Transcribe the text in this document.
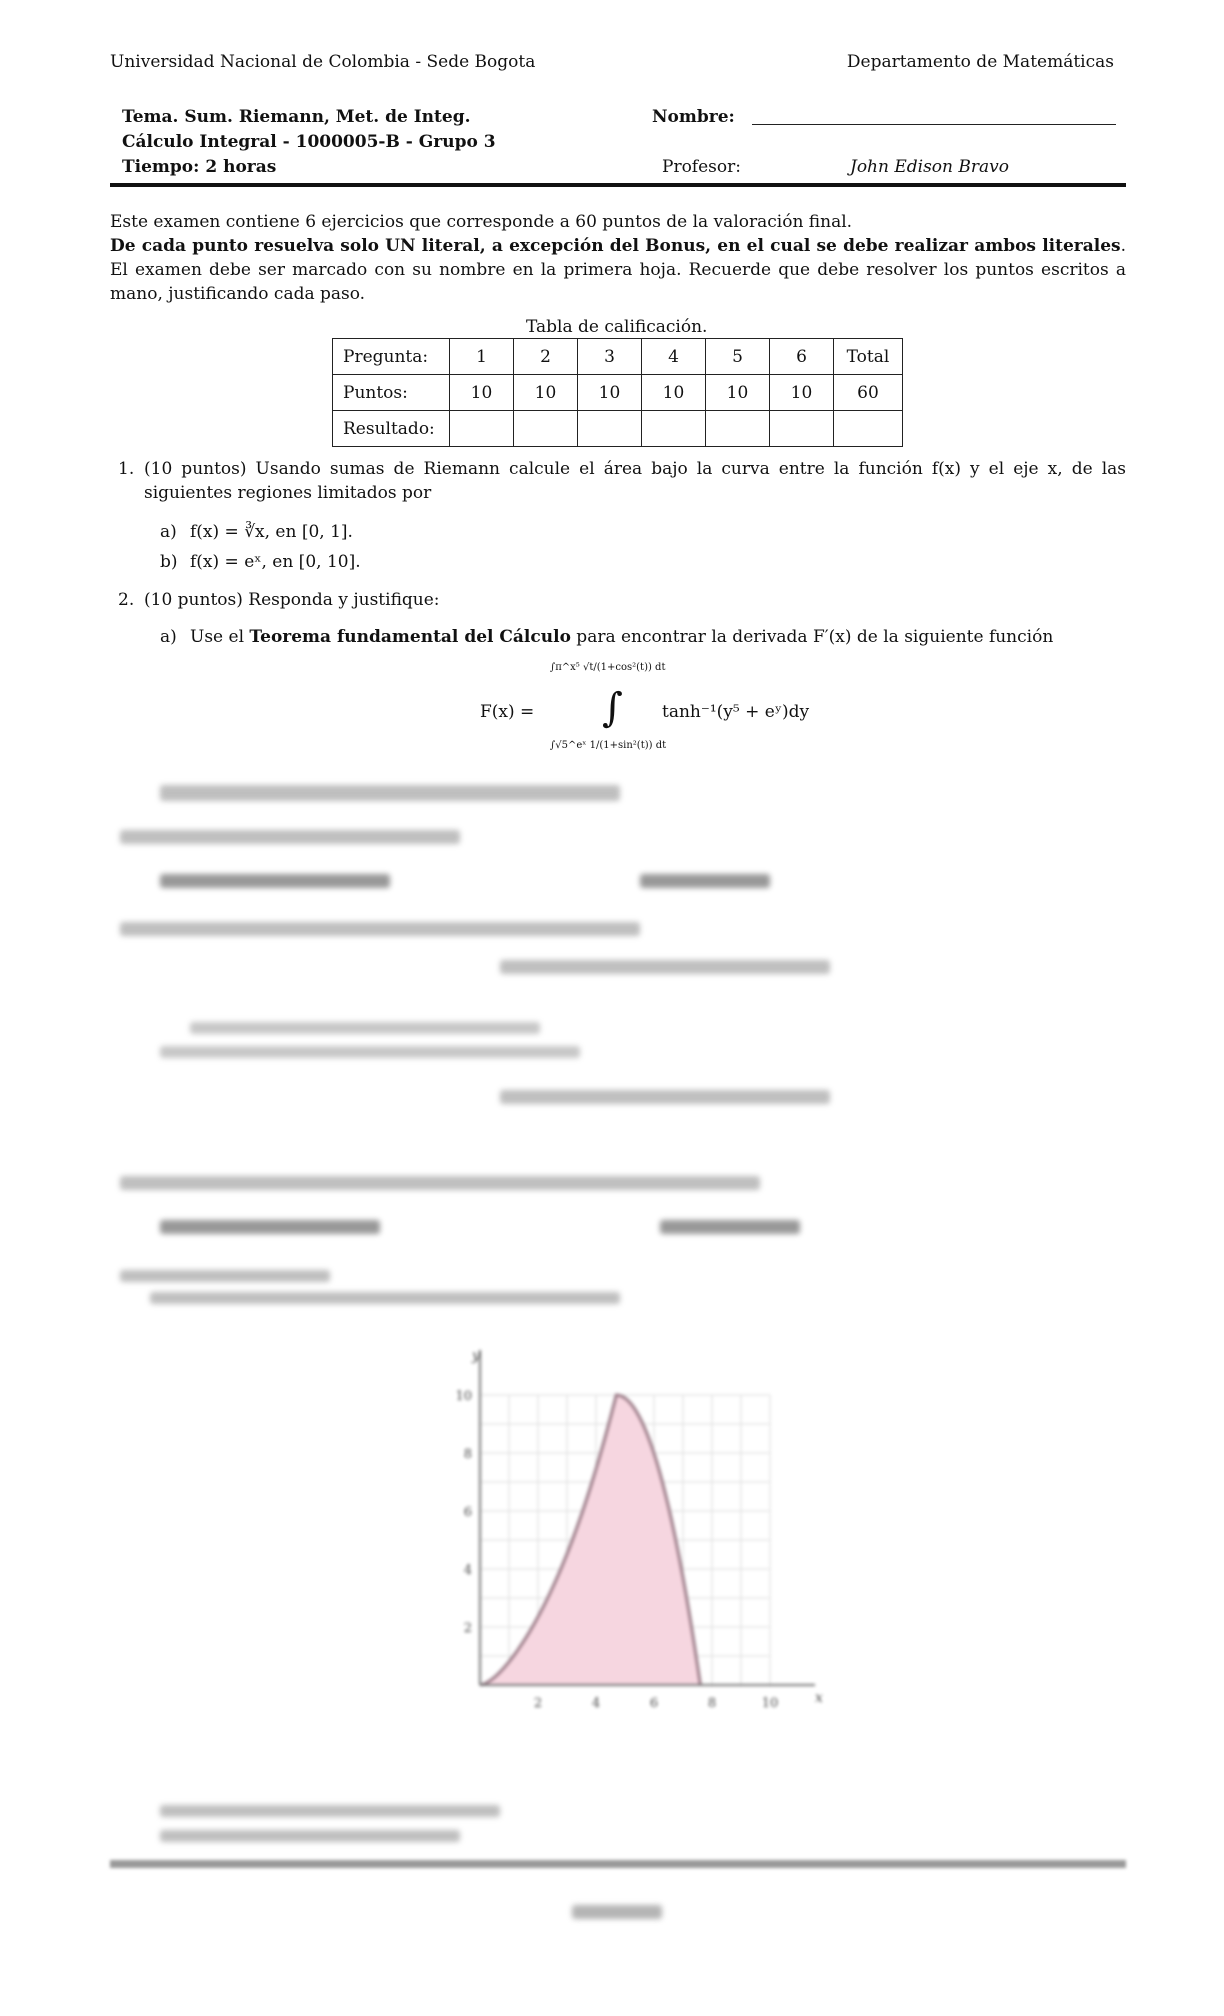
Universidad Nacional de Colombia - Sede Bogota	Departamento de Matemáticas
Tema. Sum. Riemann, Met. de Integ.
Cálculo Integral - 1000005-B - Grupo 3
Tiempo: 2 horas
Nombre:
Profesor:	John Edison Bravo
Este examen contiene 6 ejercicios que corresponde a 60 puntos de la valoración final.
De cada punto resuelva solo UN literal, a excepción del Bonus, en el cual se debe realizar ambos literales. El examen debe ser marcado con su nombre en la primera hoja. Recuerde que debe resolver los puntos escritos a mano, justificando cada paso.
Tabla de calificación.
Pregunta:	1	2	3	4	5	6	Total
Puntos:	10	10	10	10	10	10	60
Resultado:							
1. (10 puntos) Usando sumas de Riemann calcule el área bajo la curva entre la función f(x) y el eje x, de las siguientes regiones limitados por
a) f(x) = ∛x, en [0, 1].
b) f(x) = eˣ, en [0, 10].
2. (10 puntos) Responda y justifique:
a) Use el Teorema fundamental del Cálculo para encontrar la derivada F′(x) de la siguiente función
∫π^x⁵ √t/(1+cos²(t)) dt
F(x) = ∫ tanh⁻¹(y⁵ + eʸ)dy
∫√5^eˣ 1/(1+sin²(t)) dt
x
y
2
4
6
8
10
2	4	6	8	10
